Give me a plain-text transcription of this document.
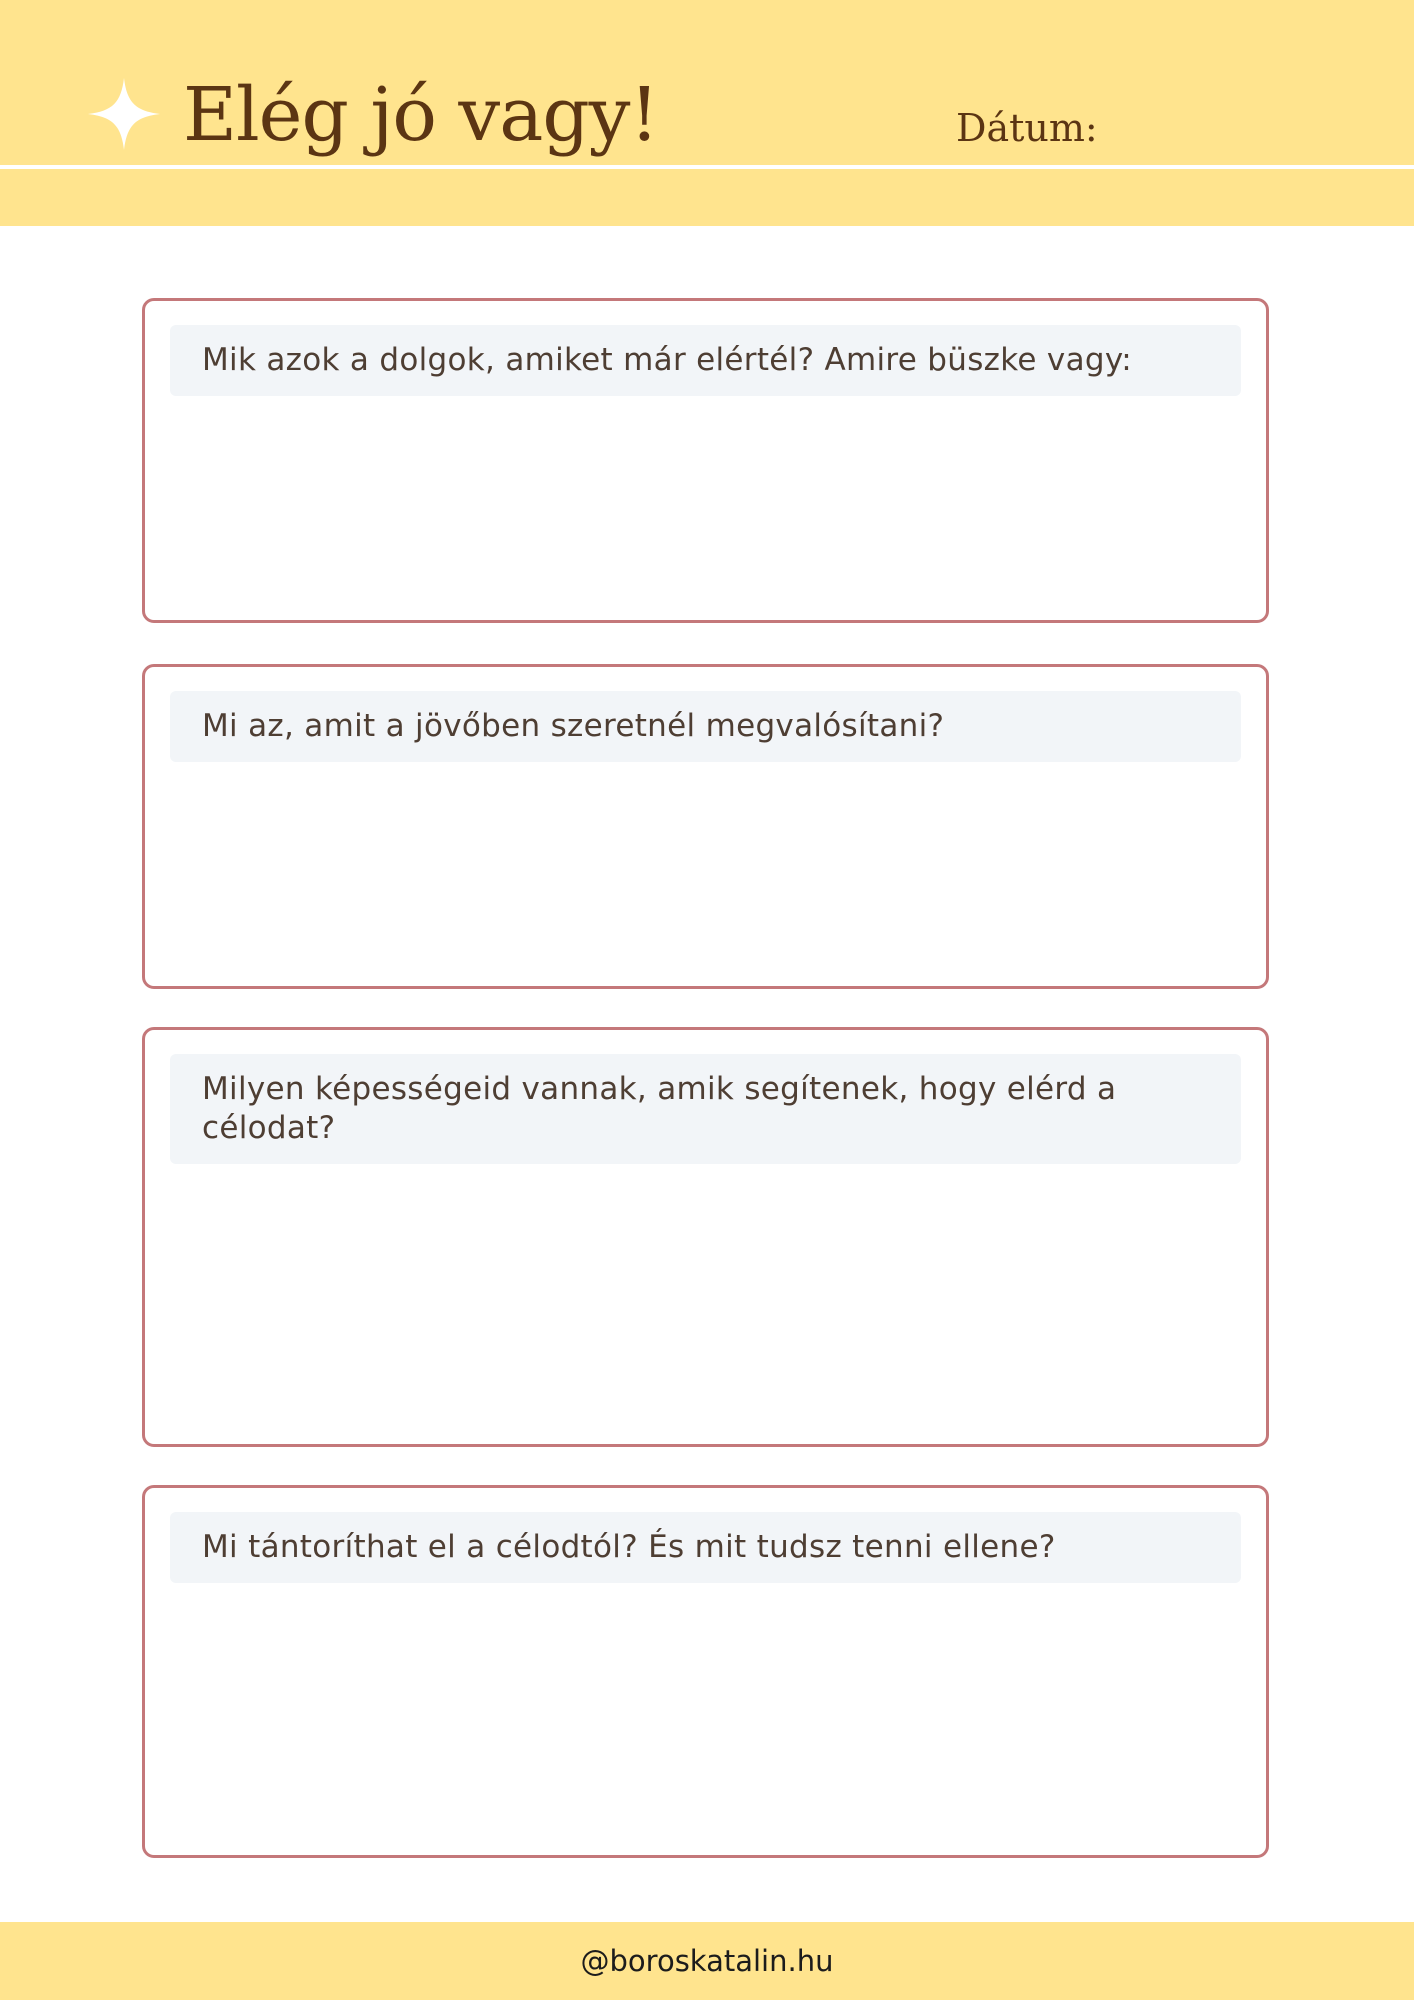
Elég jó vagy!	Dátum:
Mik azok a dolgok, amiket már elértél? Amire büszke vagy:
Mi az, amit a jövőben szeretnél megvalósítani?
Milyen képességeid vannak, amik segítenek, hogy elérd a célodat?
Mi tántoríthat el a célodtól? És mit tudsz tenni ellene?
@boroskatalin.hu
